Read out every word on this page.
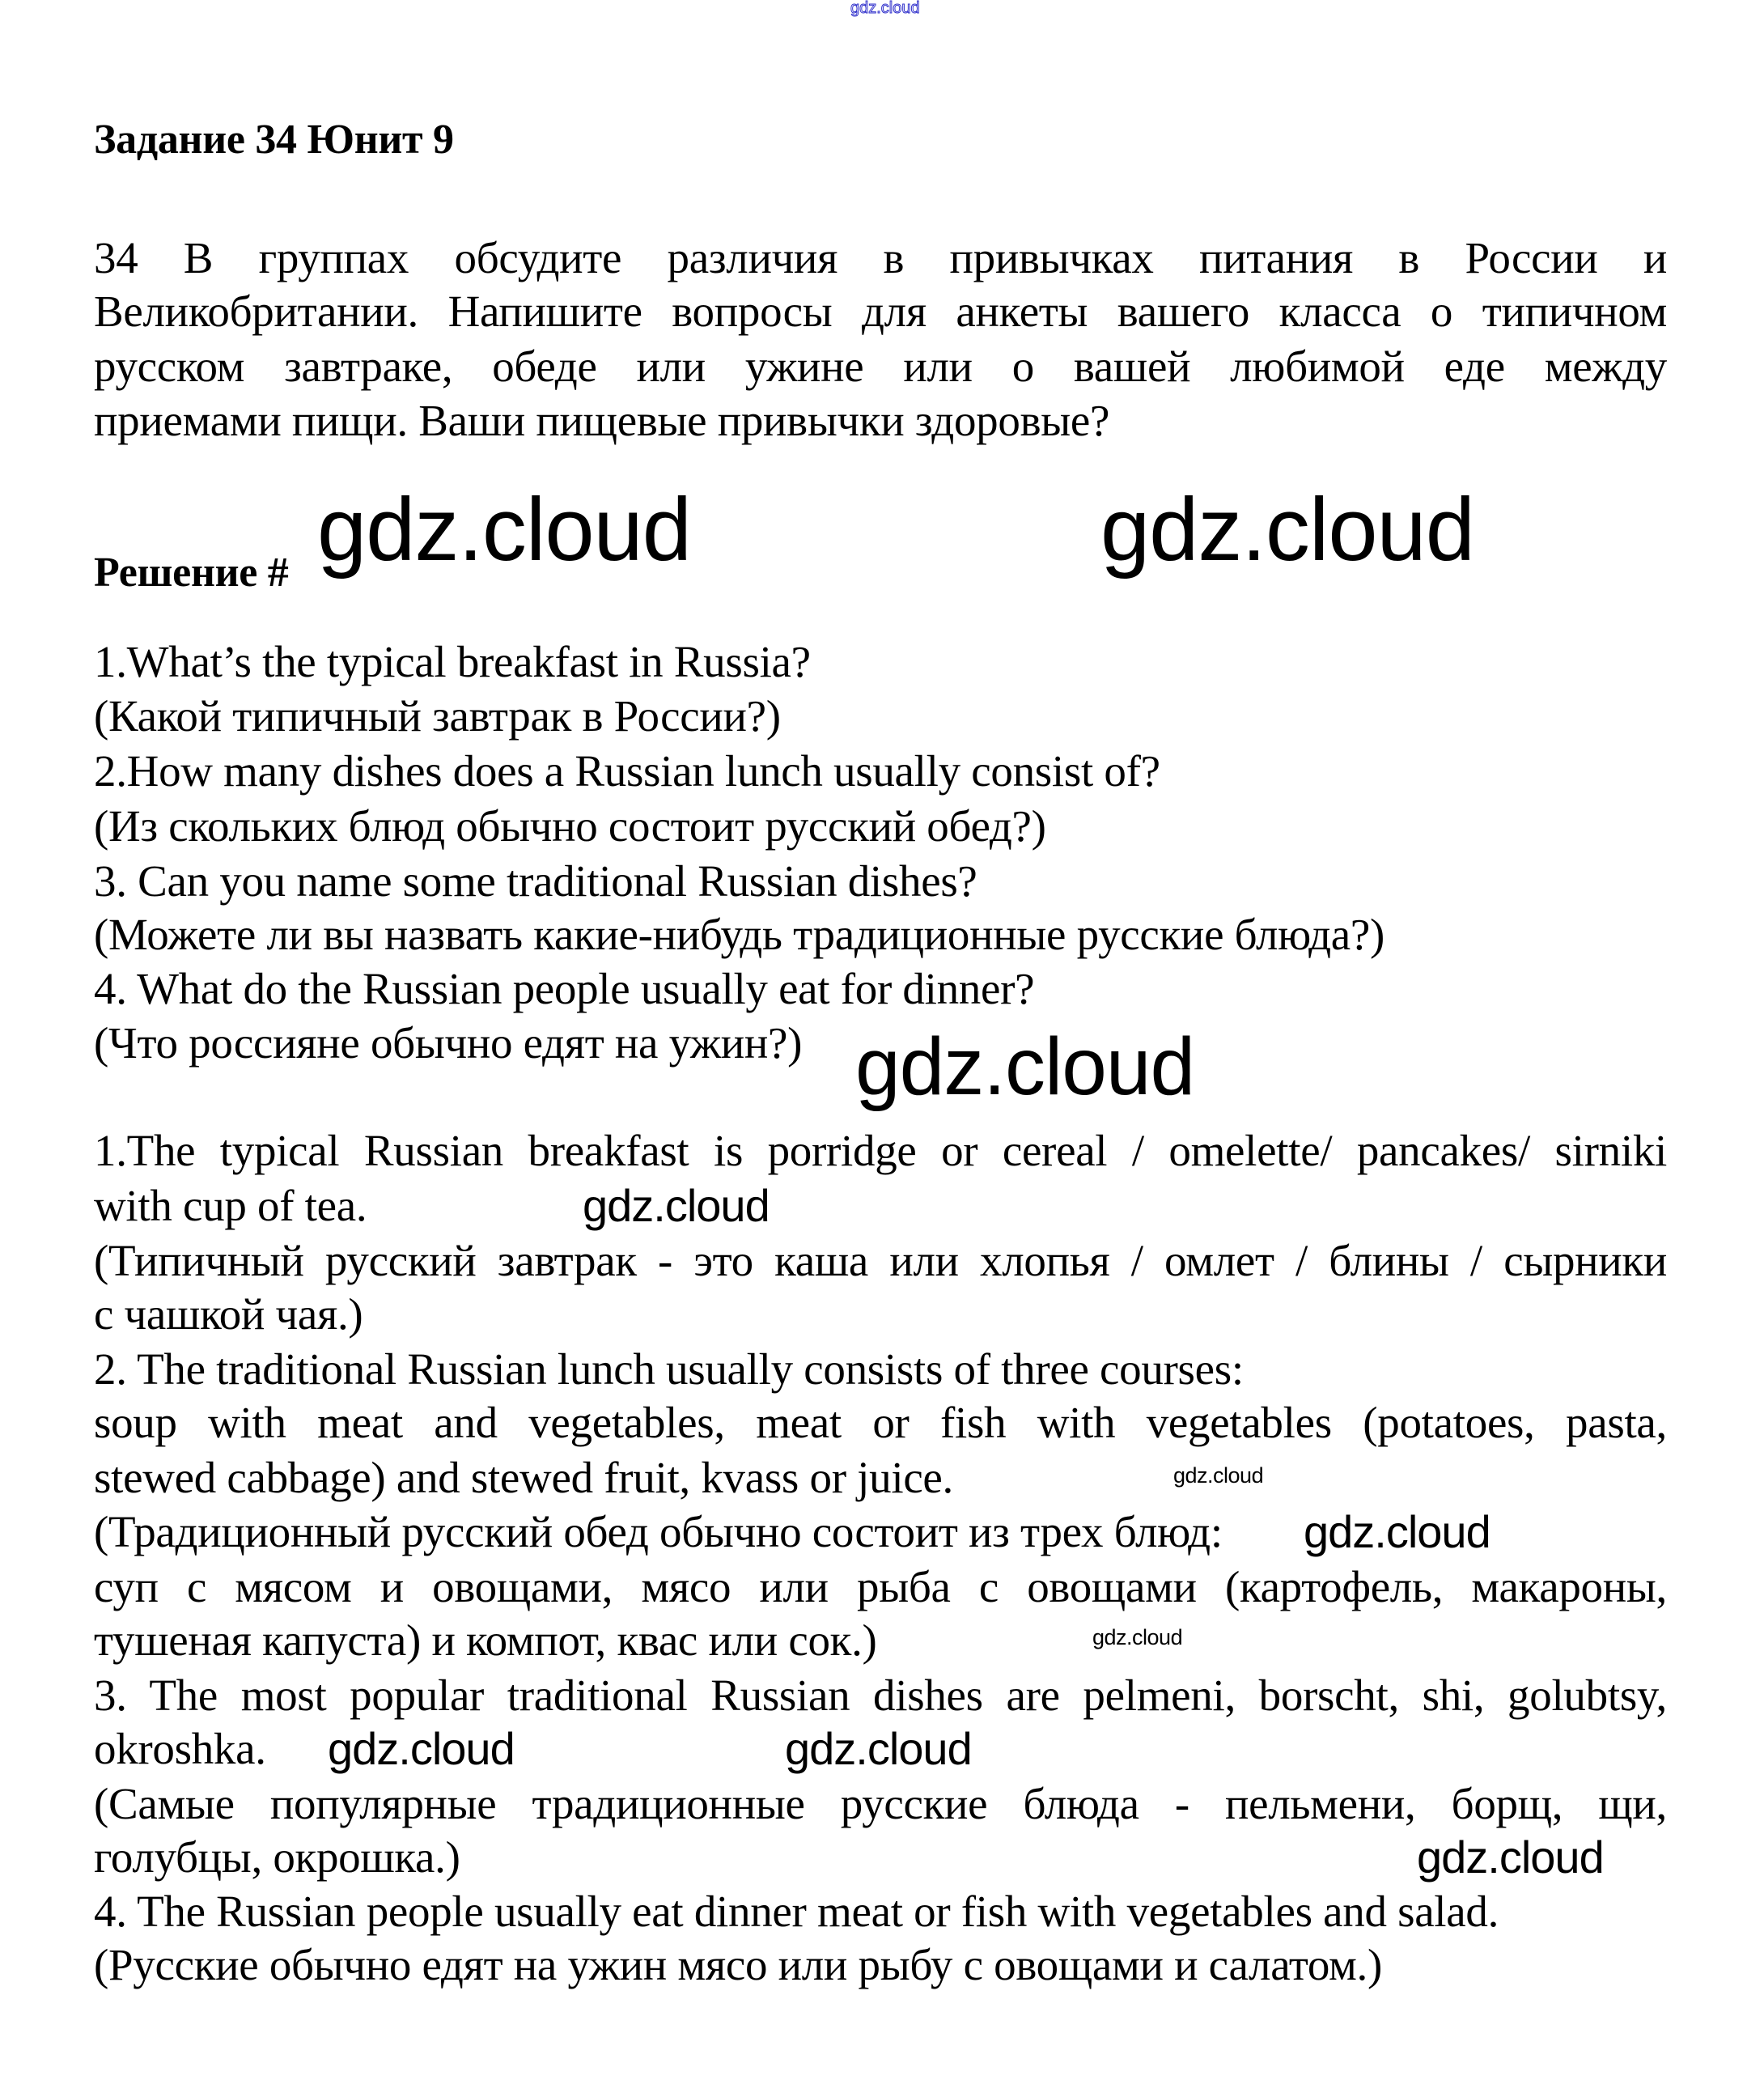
gdz.cloud
Задание 34 Юнит 9
34 В группах обсудите различия в привычках питания в России и
Великобритании. Напишите вопросы для анкеты вашего класса о типичном
русском завтраке, обеде или ужине или о вашей любимой еде между
приемами пищи. Ваши пищевые привычки здоровые?
Решение #
1.What’s the typical breakfast in Russia?
(Какой типичный завтрак в России?)
2.How many dishes does a Russian lunch usually consist of?
(Из скольких блюд обычно состоит русский обед?)
3. Can you name some traditional Russian dishes?
(Можете ли вы назвать какие-нибудь традиционные русские блюда?)
4. What do the Russian people usually eat for dinner?
(Что россияне обычно едят на ужин?)
1.The typical Russian breakfast is porridge or cereal / omelette/ pancakes/ sirniki
with cup of tea.
(Типичный русский завтрак - это каша или хлопья / омлет / блины / сырники
с чашкой чая.)
2. The traditional Russian lunch usually consists of three courses:
soup with meat and vegetables, meat or fish with vegetables (potatoes, pasta,
stewed cabbage) and stewed fruit, kvass or juice.
(Традиционный русский обед обычно состоит из трех блюд:
суп с мясом и овощами, мясо или рыба с овощами (картофель, макароны,
тушеная капуста) и компот, квас или сок.)
3. The most popular traditional Russian dishes are pelmeni, borscht, shi, golubtsy,
okroshka.
(Самые популярные традиционные русские блюда - пельмени, борщ, щи,
голубцы, окрошка.)
4. The Russian people usually eat dinner meat or fish with vegetables and salad.
(Русские обычно едят на ужин мясо или рыбу с овощами и салатом.)
gdz.cloud	gdz.cloud
gdz.cloud
gdz.cloud
gdz.cloud
gdz.cloud
gdz.cloud
gdz.cloud	gdz.cloud
gdz.cloud
